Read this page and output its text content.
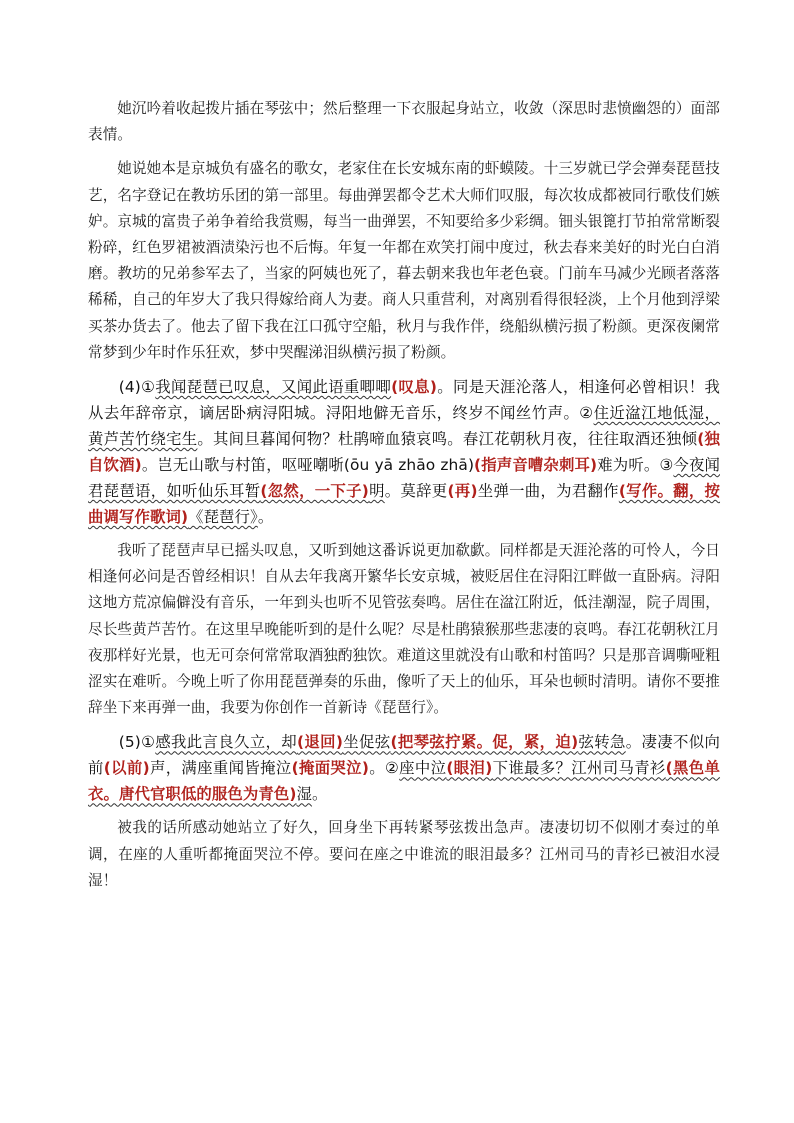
她沉吟着收起拨片插在琴弦中；然后整理一下衣服起身站立，收敛（深思时悲愤幽怨的）面部表情。

她说她本是京城负有盛名的歌女，老家住在长安城东南的虾蟆陵。十三岁就已学会弹奏琵琶技艺，名字登记在教坊乐团的第一部里。每曲弹罢都令艺术大师们叹服，每次妆成都被同行歌伎们嫉妒。京城的富贵子弟争着给我赏赐，每当一曲弹罢，不知要给多少彩绸。钿头银篦打节拍常常断裂粉碎，红色罗裙被酒渍染污也不后悔。年复一年都在欢笑打闹中度过，秋去春来美好的时光白白消磨。教坊的兄弟参军去了，当家的阿姨也死了，暮去朝来我也年老色衰。门前车马减少光顾者落落稀稀，自己的年岁大了我只得嫁给商人为妻。商人只重营利，对离别看得很轻淡，上个月他到浮梁买茶办货去了。他去了留下我在江口孤守空船，秋月与我作伴，绕船纵横污损了粉颜。更深夜阑常常梦到少年时作乐狂欢，梦中哭醒涕泪纵横污损了粉颜。

(4)①我闻琵琶已叹息，又闻此语重唧唧(叹息)。同是天涯沦落人，相逢何必曾相识！我从去年辞帝京，谪居卧病浔阳城。浔阳地僻无音乐，终岁不闻丝竹声。②住近湓江地低湿，黄芦苦竹绕宅生。其间旦暮闻何物？杜鹃啼血猿哀鸣。春江花朝秋月夜，往往取酒还独倾(独自饮酒)。岂无山歌与村笛，呕哑嘲哳(ōu yā zhāo zhā)(指声音嘈杂刺耳)难为听。③今夜闻君琵琶语，如听仙乐耳暂(忽然，一下子)明。莫辞更(再)坐弹一曲，为君翻作(写作。翻，按曲调写作歌词)《琵琶行》。

我听了琵琶声早已摇头叹息，又听到她这番诉说更加欷歔。同样都是天涯沦落的可怜人，今日相逢何必问是否曾经相识！自从去年我离开繁华长安京城，被贬居住在浔阳江畔做一直卧病。浔阳这地方荒凉偏僻没有音乐，一年到头也听不见管弦奏鸣。居住在湓江附近，低洼潮湿，院子周围，尽长些黄芦苦竹。在这里早晚能听到的是什么呢？尽是杜鹃猿猴那些悲凄的哀鸣。春江花朝秋江月夜那样好光景，也无可奈何常常取酒独酌独饮。难道这里就没有山歌和村笛吗？只是那音调嘶哑粗涩实在难听。今晚上听了你用琵琶弹奏的乐曲，像听了天上的仙乐，耳朵也顿时清明。请你不要推辞坐下来再弹一曲，我要为你创作一首新诗《琵琶行》。

(5)①感我此言良久立，却(退回)坐促弦(把琴弦拧紧。促，紧，迫)弦转急。凄凄不似向前(以前)声，满座重闻皆掩泣(掩面哭泣)。②座中泣(眼泪)下谁最多？江州司马青衫(黑色单衣。唐代官职低的服色为青色)湿。

被我的话所感动她站立了好久，回身坐下再转紧琴弦拨出急声。凄凄切切不似刚才奏过的单调，在座的人重听都掩面哭泣不停。要问在座之中谁流的眼泪最多？江州司马的青衫已被泪水浸湿！
